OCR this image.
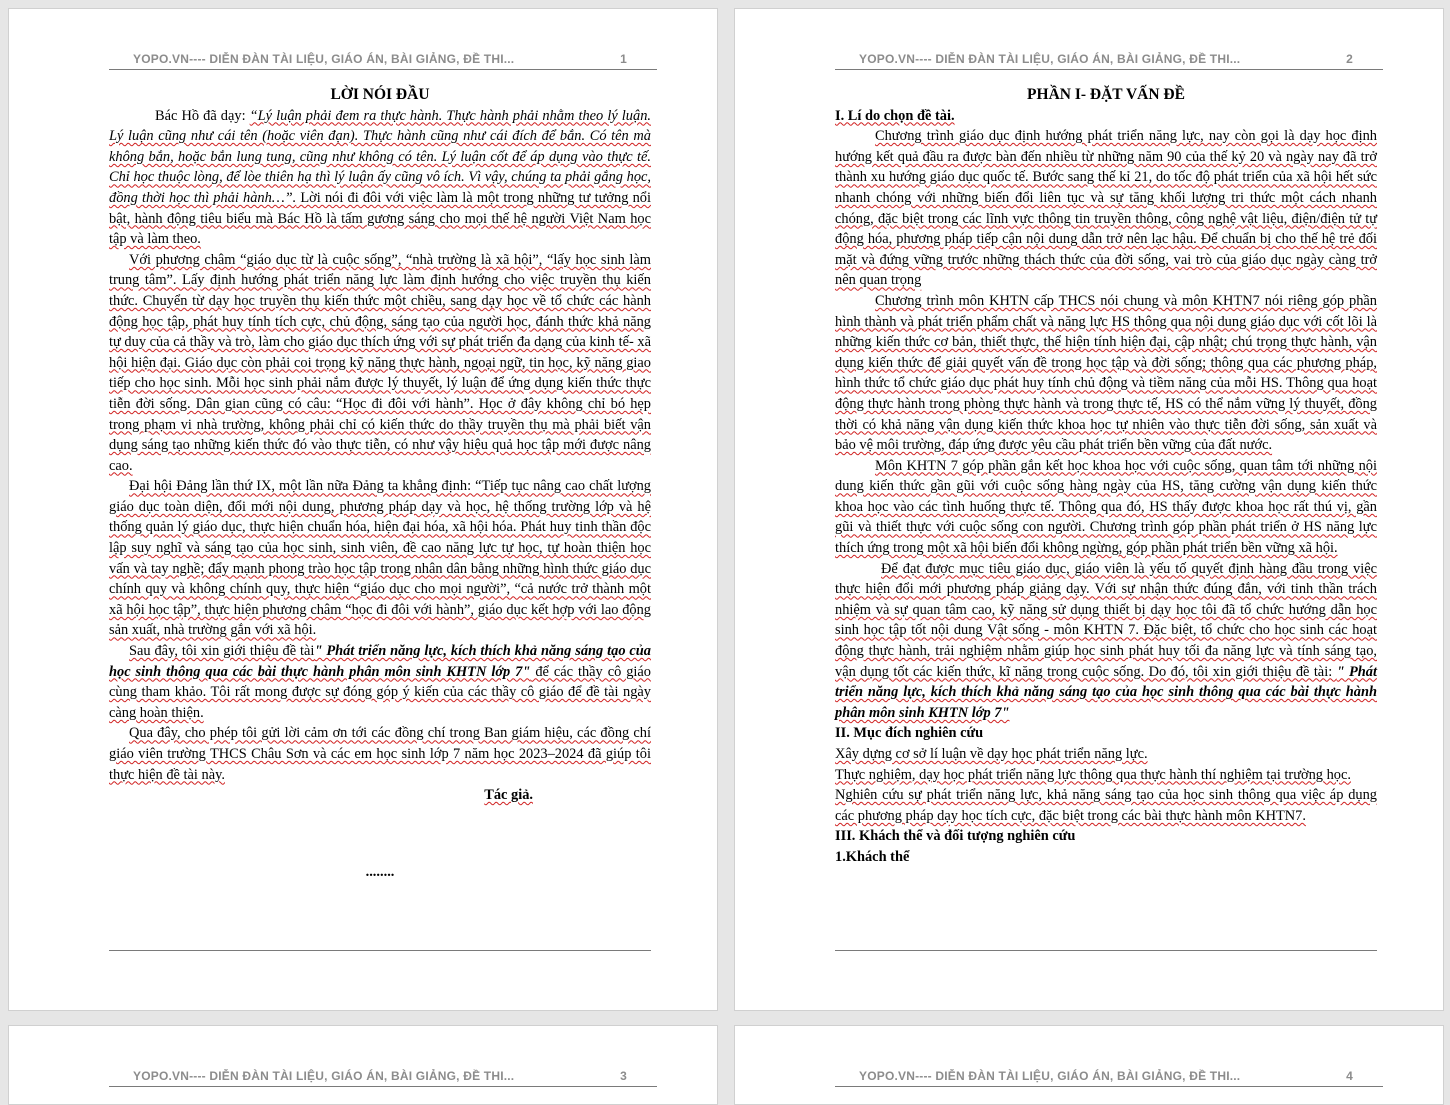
YOPO.VN---- DIỄN ĐÀN TÀI LIỆU, GIÁO ÁN, BÀI GIẢNG, ĐỀ THI...	1

LỜI NÓI ĐẦU

Bác Hồ đã dạy: “Lý luận phải đem ra thực hành. Thực hành phải nhằm theo lý luận. Lý luận cũng như cái tên (hoặc viên đạn). Thực hành cũng như cái đích để bắn. Có tên mà không bắn, hoặc bắn lung tung, cũng như không có tên. Lý luận cốt để áp dụng vào thực tế. Chỉ học thuộc lòng, để lòe thiên hạ thì lý luận ấy cũng vô ích. Vì vậy, chúng ta phải gắng học, đồng thời học thì phải hành…”. Lời nói đi đôi với việc làm là một trong những tư tưởng nổi bật, hành động tiêu biểu mà Bác Hồ là tấm gương sáng cho mọi thế hệ người Việt Nam học tập và làm theo.

Với phương châm “giáo dục từ là cuộc sống”, “nhà trường là xã hội”, “lấy học sinh làm trung tâm”. Lấy định hướng phát triển năng lực làm định hướng cho việc truyền thụ kiến thức. Chuyển từ dạy học truyền thụ kiến thức một chiều, sang dạy học về tổ chức các hành động học tập, phát huy tính tích cực, chủ động, sáng tạo của người học, đánh thức khả năng tự duy của cả thầy và trò, làm cho giáo dục thích ứng với sự phát triển đa dạng của kinh tế- xã hội hiện đại. Giáo dục còn phải coi trọng kỹ năng thực hành, ngoại ngữ, tin học, kỹ năng giao tiếp cho học sinh. Mỗi học sinh phải nắm được lý thuyết, lý luận để ứng dụng kiến thức thực tiễn đời sống. Dân gian cũng có câu: “Học đi đôi với hành”. Học ở đây không chỉ bó hẹp trong phạm vi nhà trường, không phải chỉ có kiến thức do thầy truyền thụ mà phải biết vận dụng sáng tạo những kiến thức đó vào thực tiễn, có như vậy hiệu quả học tập mới được nâng cao.

Đại hội Đảng lần thứ IX, một lần nữa Đảng ta khẳng định: “Tiếp tục nâng cao chất lượng giáo dục toàn diện, đổi mới nội dung, phương pháp dạy và học, hệ thống trường lớp và hệ thống quản lý giáo dục, thực hiện chuẩn hóa, hiện đại hóa, xã hội hóa. Phát huy tinh thần độc lập suy nghĩ và sáng tạo của học sinh, sinh viên, đề cao năng lực tự học, tự hoàn thiện học vấn và tay nghề; đẩy mạnh phong trào học tập trong nhân dân bằng những hình thức giáo dục chính quy và không chính quy, thực hiện “giáo dục cho mọi người”, “cả nước trở thành một xã hội học tập”, thực hiện phương châm “học đi đôi với hành”, giáo dục kết hợp với lao động sản xuất, nhà trường gắn với xã hội.

Sau đây, tôi xin giới thiệu đề tài" Phát triển năng lực, kích thích khả năng sáng tạo của học sinh thông qua các bài thực hành phân môn sinh KHTN lớp 7" để các thầy cô giáo cùng tham khảo. Tôi rất mong được sự đóng góp ý kiến của các thầy cô giáo để đề tài ngày càng hoàn thiện.

Qua đây, cho phép tôi gửi lời cảm ơn tới các đồng chí trong Ban giám hiệu, các đồng chí giáo viên trường THCS Châu Sơn và các em học sinh lớp 7 năm học 2023–2024 đã giúp tôi thực hiện đề tài này.

Tác giả.

........

YOPO.VN---- DIỄN ĐÀN TÀI LIỆU, GIÁO ÁN, BÀI GIẢNG, ĐỀ THI...	2

PHẦN I- ĐẶT VẤN ĐỀ

I. Lí do chọn đề tài.

Chương trình giáo dục định hướng phát triển năng lực, nay còn gọi là dạy học định hướng kết quả đầu ra được bàn đến nhiều từ những năm 90 của thế kỷ 20 và ngày nay đã trở thành xu hướng giáo dục quốc tế. Bước sang thế kỉ 21, do tốc độ phát triển của xã hội hết sức nhanh chóng với những biến đổi liên tục và sự tăng khối lượng tri thức một cách nhanh chóng, đặc biệt trong các lĩnh vực thông tin truyền thông, công nghệ vật liệu, điện/điện tử tự động hóa, phương pháp tiếp cận nội dung dẫn trở nên lạc hậu. Để chuẩn bị cho thế hệ trẻ đối mặt và đứng vững trước những thách thức của đời sống, vai trò của giáo dục ngày càng trở nên quan trọng

Chương trình môn KHTN cấp THCS nói chung và môn KHTN7 nói riêng góp phần hình thành và phát triển phẩm chất và năng lực HS thông qua nội dung giáo dục với cốt lõi là những kiến thức cơ bản, thiết thực, thể hiện tính hiện đại, cập nhật; chú trọng thực hành, vận dụng kiến thức để giải quyết vấn đề trong học tập và đời sống; thông qua các phương pháp, hình thức tổ chức giáo dục phát huy tính chủ động và tiềm năng của mỗi HS. Thông qua hoạt động thực hành trong phòng thực hành và trong thực tế, HS có thể nắm vững lý thuyết, đồng thời có khả năng vận dụng kiến thức khoa học tự nhiên vào thực tiễn đời sống, sản xuất và bảo vệ môi trường, đáp ứng được yêu cầu phát triển bền vững của đất nước.

Môn KHTN 7 góp phần gắn kết học khoa học với cuộc sống, quan tâm tới những nội dung kiến thức gần gũi với cuộc sống hàng ngày của HS, tăng cường vận dụng kiến thức khoa học vào các tình huống thực tế. Thông qua đó, HS thấy được khoa học rất thú vị, gần gũi và thiết thực với cuộc sống con người. Chương trình góp phần phát triển ở HS năng lực thích ứng trong một xã hội biến đổi không ngừng, góp phần phát triển bền vững xã hội.

Để đạt được mục tiêu giáo dục, giáo viên là yếu tố quyết định hàng đầu trong việc thực hiện đổi mới phương pháp giảng dạy. Với sự nhận thức đúng đắn, với tinh thần trách nhiệm và sự quan tâm cao, kỹ năng sử dụng thiết bị dạy học tôi đã tổ chức hướng dẫn học sinh học tập tốt nội dung Vật sống - môn KHTN 7. Đặc biệt, tổ chức cho học sinh các hoạt động thực hành, trải nghiệm nhằm giúp học sinh phát huy tối đa năng lực và tính sáng tạo, vận dụng tốt các kiến thức, kĩ năng trong cuộc sống. Do đó, tôi xin giới thiệu đề tài: " Phát triển năng lực, kích thích khả năng sáng tạo của học sinh thông qua các bài thực hành phân môn sinh KHTN lớp 7"

II. Mục đích nghiên cứu

Xây dựng cơ sở lí luận về dạy học phát triển năng lực.

Thực nghiệm, dạy học phát triển năng lực thông qua thực hành thí nghiệm tại trường học.

Nghiên cứu sự phát triển năng lực, khả năng sáng tạo của học sinh thông qua việc áp dụng các phương pháp dạy học tích cực, đặc biệt trong các bài thực hành môn KHTN7.

III. Khách thể và đối tượng nghiên cứu

1.Khách thể

YOPO.VN---- DIỄN ĐÀN TÀI LIỆU, GIÁO ÁN, BÀI GIẢNG, ĐỀ THI...	3	YOPO.VN---- DIỄN ĐÀN TÀI LIỆU, GIÁO ÁN, BÀI GIẢNG, ĐỀ THI...	4
